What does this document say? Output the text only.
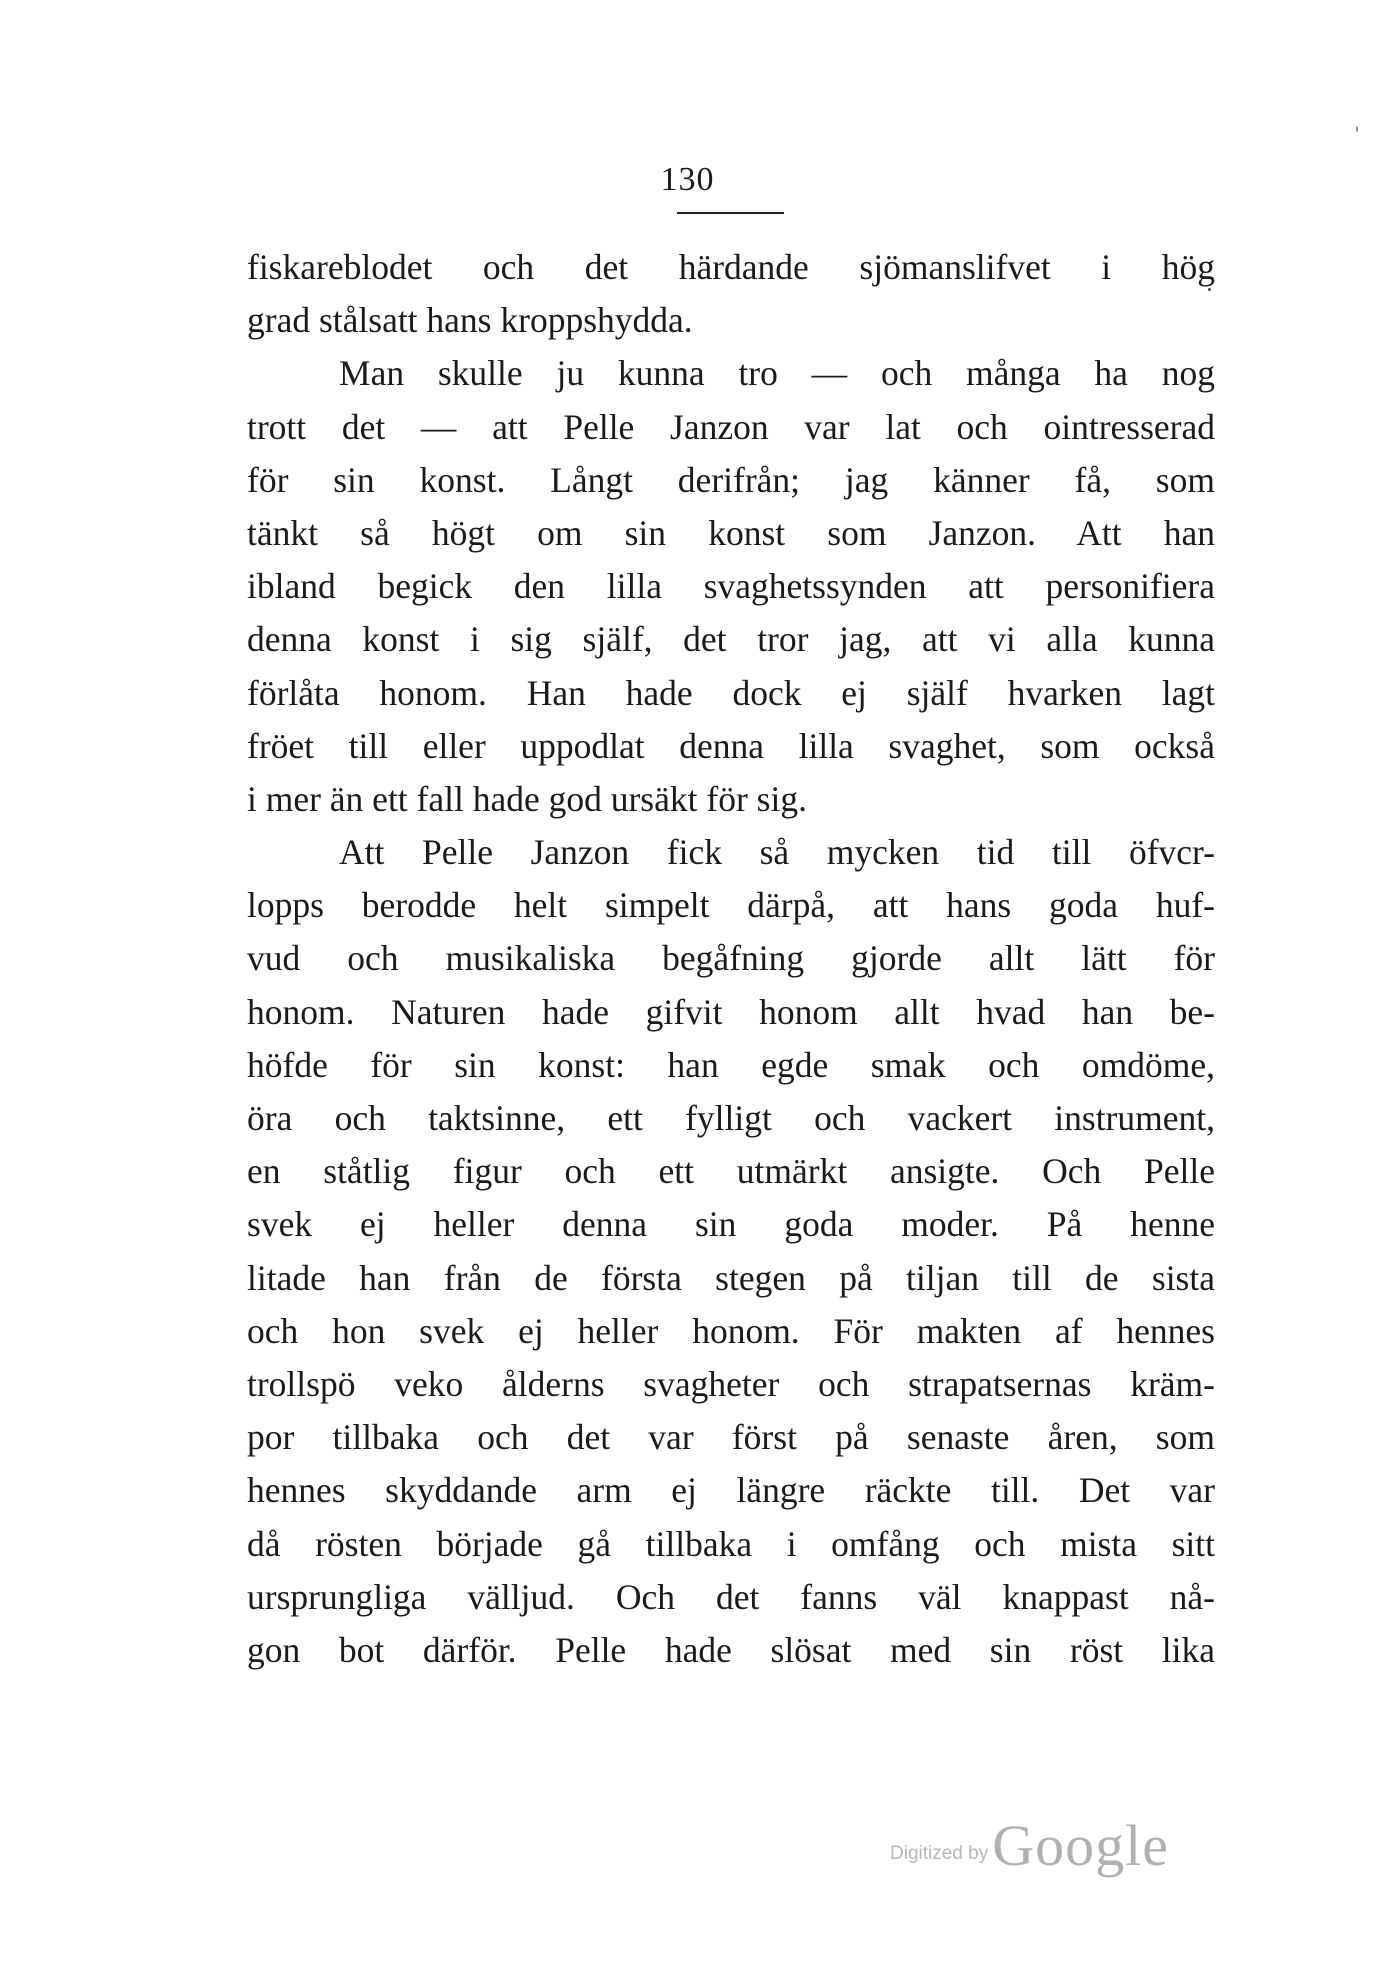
130
fiskareblodet och det härdande sjömanslifvet i hög
grad stålsatt hans kroppshydda.
Man skulle ju kunna tro — och många ha nog
trott det — att Pelle Janzon var lat och ointresserad
för sin konst. Långt derifrån; jag känner få, som
tänkt så högt om sin konst som Janzon. Att han
ibland begick den lilla svaghetssynden att personifiera
denna konst i sig själf, det tror jag, att vi alla kunna
förlåta honom. Han hade dock ej själf hvarken lagt
fröet till eller uppodlat denna lilla svaghet, som också
i mer än ett fall hade god ursäkt för sig.
Att Pelle Janzon fick så mycken tid till öfvcr-
lopps berodde helt simpelt därpå, att hans goda huf-
vud och musikaliska begåfning gjorde allt lätt för
honom. Naturen hade gifvit honom allt hvad han be-
höfde för sin konst: han egde smak och omdöme,
öra och taktsinne, ett fylligt och vackert instrument,
en ståtlig figur och ett utmärkt ansigte. Och Pelle
svek ej heller denna sin goda moder. På henne
litade han från de första stegen på tiljan till de sista
och hon svek ej heller honom. För makten af hennes
trollspö veko ålderns svagheter och strapatsernas kräm-
por tillbaka och det var först på senaste åren, som
hennes skyddande arm ej längre räckte till. Det var
då rösten började gå tillbaka i omfång och mista sitt
ursprungliga välljud. Och det fanns väl knappast nå-
gon bot därför. Pelle hade slösat med sin röst lika
Digitized by Google
